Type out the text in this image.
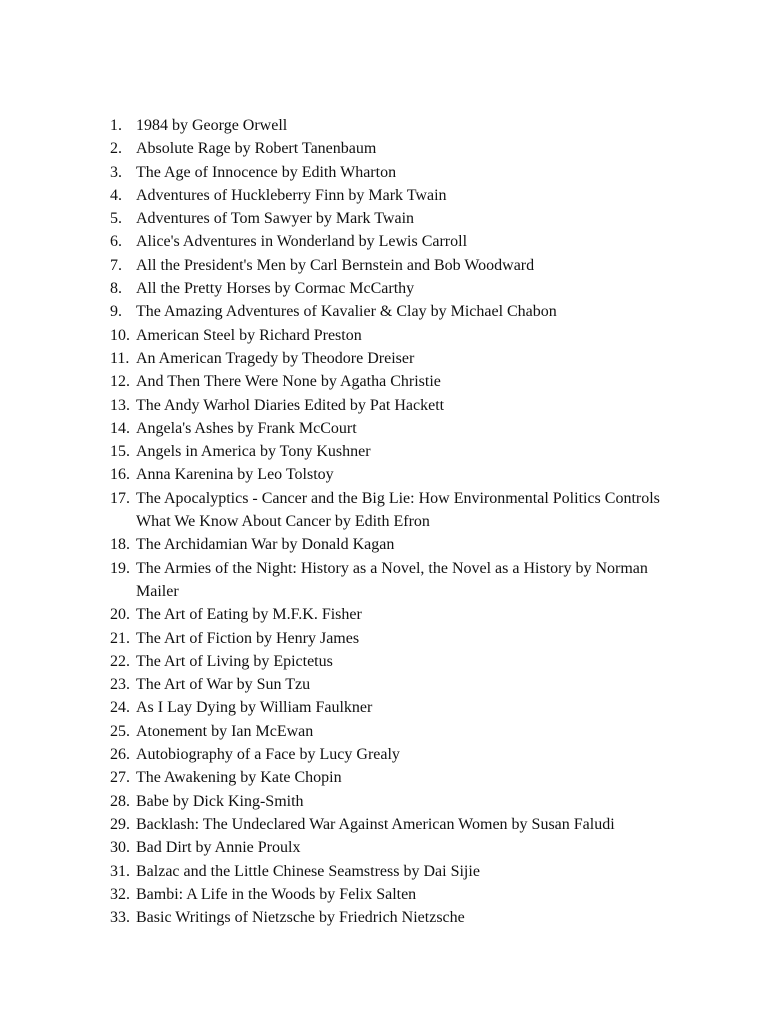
1. 1984 by George Orwell
2. Absolute Rage by Robert Tanenbaum
3. The Age of Innocence by Edith Wharton
4. Adventures of Huckleberry Finn by Mark Twain
5. Adventures of Tom Sawyer by Mark Twain
6. Alice's Adventures in Wonderland by Lewis Carroll
7. All the President's Men by Carl Bernstein and Bob Woodward
8. All the Pretty Horses by Cormac McCarthy
9. The Amazing Adventures of Kavalier & Clay by Michael Chabon
10. American Steel by Richard Preston
11. An American Tragedy by Theodore Dreiser
12. And Then There Were None by Agatha Christie
13. The Andy Warhol Diaries Edited by Pat Hackett
14. Angela's Ashes by Frank McCourt
15. Angels in America by Tony Kushner
16. Anna Karenina by Leo Tolstoy
17. The Apocalyptics - Cancer and the Big Lie: How Environmental Politics Controls What We Know About Cancer by Edith Efron
18. The Archidamian War by Donald Kagan
19. The Armies of the Night: History as a Novel, the Novel as a History by Norman Mailer
20. The Art of Eating by M.F.K. Fisher
21. The Art of Fiction by Henry James
22. The Art of Living by Epictetus
23. The Art of War by Sun Tzu
24. As I Lay Dying by William Faulkner
25. Atonement by Ian McEwan
26. Autobiography of a Face by Lucy Grealy
27. The Awakening by Kate Chopin
28. Babe by Dick King-Smith
29. Backlash: The Undeclared War Against American Women by Susan Faludi
30. Bad Dirt by Annie Proulx
31. Balzac and the Little Chinese Seamstress by Dai Sijie
32. Bambi: A Life in the Woods by Felix Salten
33. Basic Writings of Nietzsche by Friedrich Nietzsche
